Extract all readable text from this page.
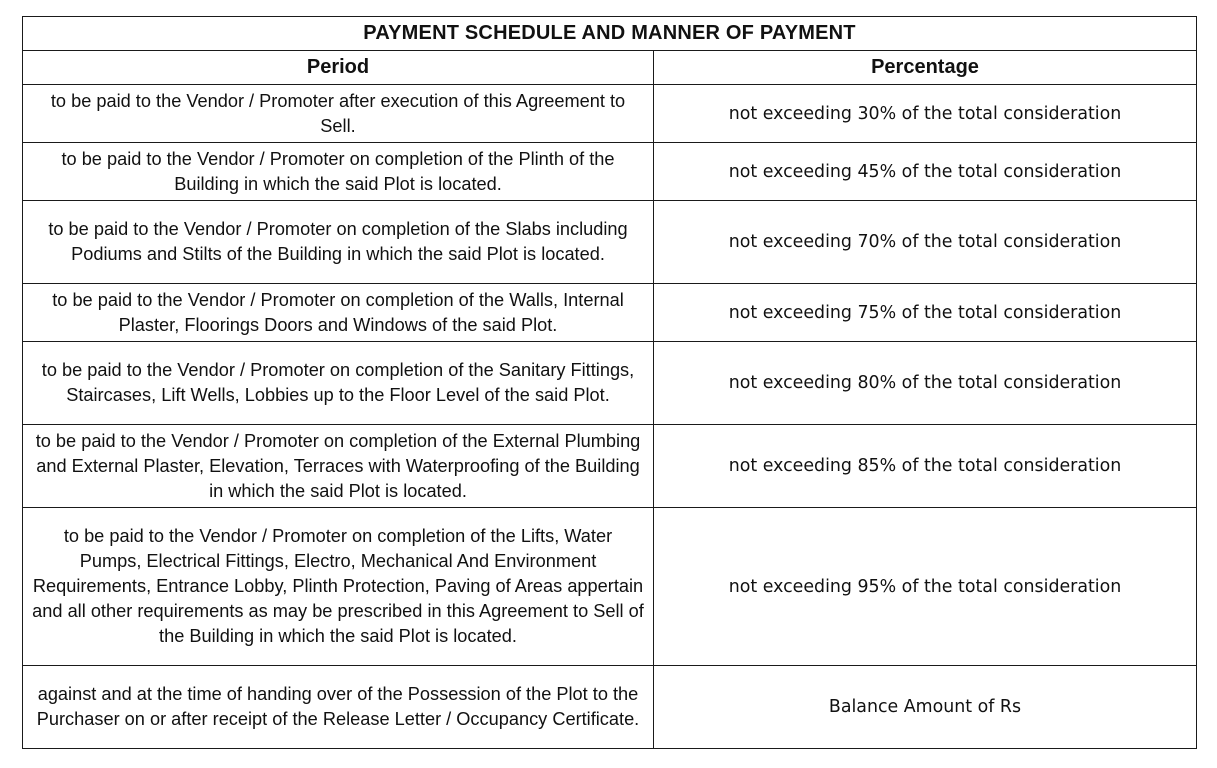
PAYMENT SCHEDULE AND MANNER OF PAYMENT	
Period	Percentage
to be paid to the Vendor / Promoter after execution of this Agreement to Sell.	not exceeding 30% of the total consideration
to be paid to the Vendor / Promoter on completion of the Plinth of the Building in which the said Plot is located.	not exceeding 45% of the total consideration
to be paid to the Vendor / Promoter on completion of the Slabs including Podiums and Stilts of the Building in which the said Plot is located.	not exceeding 70% of the total consideration
to be paid to the Vendor / Promoter on completion of the Walls, Internal Plaster, Floorings Doors and Windows of the said Plot.	not exceeding 75% of the total consideration
to be paid to the Vendor / Promoter on completion of the Sanitary Fittings, Staircases, Lift Wells, Lobbies up to the Floor Level of the said Plot.	not exceeding 80% of the total consideration
to be paid to the Vendor / Promoter on completion of the External Plumbing and External Plaster, Elevation, Terraces with Waterproofing of the Building in which the said Plot is located.	not exceeding 85% of the total consideration
to be paid to the Vendor / Promoter on completion of the Lifts, Water Pumps, Electrical Fittings, Electro, Mechanical And Environment Requirements, Entrance Lobby, Plinth Protection, Paving of Areas appertain and all other requirements as may be prescribed in this Agreement to Sell of the Building in which the said Plot is located.	not exceeding 95% of the total consideration
against and at the time of handing over of the Possession of the Plot to the Purchaser on or after receipt of the Release Letter / Occupancy Certificate.	Balance Amount of Rs
